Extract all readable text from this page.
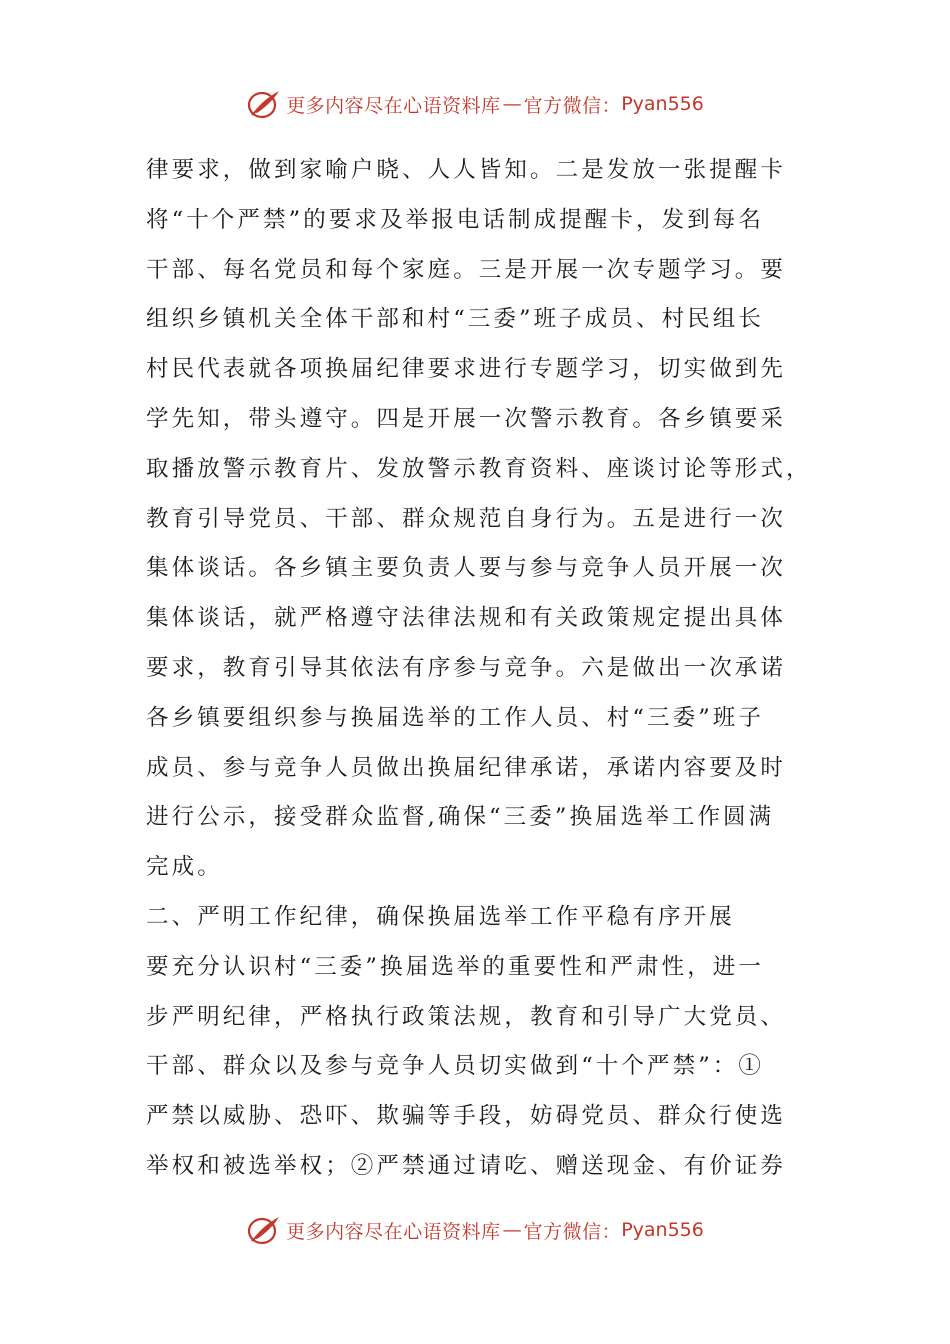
更多内容尽在心语资料库 — 官方微信： Pyan556
律要求，做到家喻户晓、人人皆知。二是发放一张提醒卡
将“十个严禁”的要求及举报电话制成提醒卡，发到每名
干部、每名党员和每个家庭。三是开展一次专题学习。要
组织乡镇机关全体干部和村“三委”班子成员、村民组长
村民代表就各项换届纪律要求进行专题学习，切实做到先
学先知，带头遵守。四是开展一次警示教育。各乡镇要采
取播放警示教育片、发放警示教育资料、座谈讨论等形式，
教育引导党员、干部、群众规范自身行为。五是进行一次
集体谈话。各乡镇主要负责人要与参与竞争人员开展一次
集体谈话，就严格遵守法律法规和有关政策规定提出具体
要求，教育引导其依法有序参与竞争。六是做出一次承诺
各乡镇要组织参与换届选举的工作人员、村“三委”班子
成员、参与竞争人员做出换届纪律承诺，承诺内容要及时
进行公示，接受群众监督,确保“三委”换届选举工作圆满
完成。
二、严明工作纪律，确保换届选举工作平稳有序开展
要充分认识村“三委”换届选举的重要性和严肃性，进一
步严明纪律，严格执行政策法规，教育和引导广大党员、
干部、群众以及参与竞争人员切实做到“十个严禁”：①
严禁以威胁、恐吓、欺骗等手段，妨碍党员、群众行使选
举权和被选举权；②严禁通过请吃、赠送现金、有价证券
更多内容尽在心语资料库 — 官方微信： Pyan556
